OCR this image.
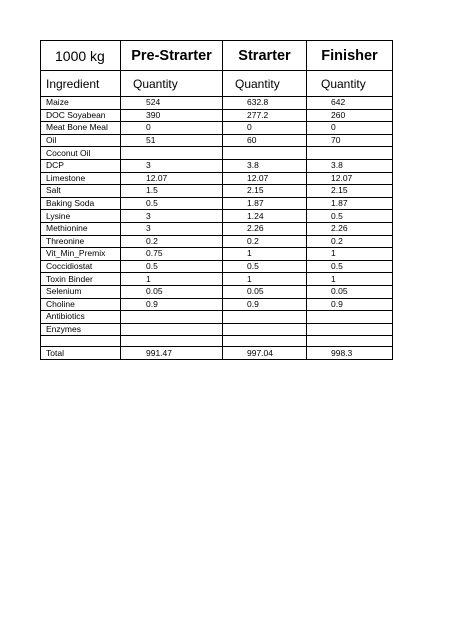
1000 kg	Pre-Strarter	Strarter	Finisher
Ingredient	Quantity	Quantity	Quantity
Maize	524	632.8	642
DOC Soyabean	390	277.2	260
Meat Bone Meal	0	0	0
Oil	51	60	70
Coconut Oil			
DCP	3	3.8	3.8
Limestone	12.07	12.07	12.07
Salt	1.5	2.15	2.15
Baking Soda	0.5	1.87	1.87
Lysine	3	1.24	0.5
Methionine	3	2.26	2.26
Threonine	0.2	0.2	0.2
Vit_Min_Premix	0.75	1	1
Coccidiostat	0.5	0.5	0.5
Toxin Binder	1	1	1
Selenium	0.05	0.05	0.05
Choline	0.9	0.9	0.9
Antibiotics			
Enzymes			

Total	991.47	997.04	998.3
